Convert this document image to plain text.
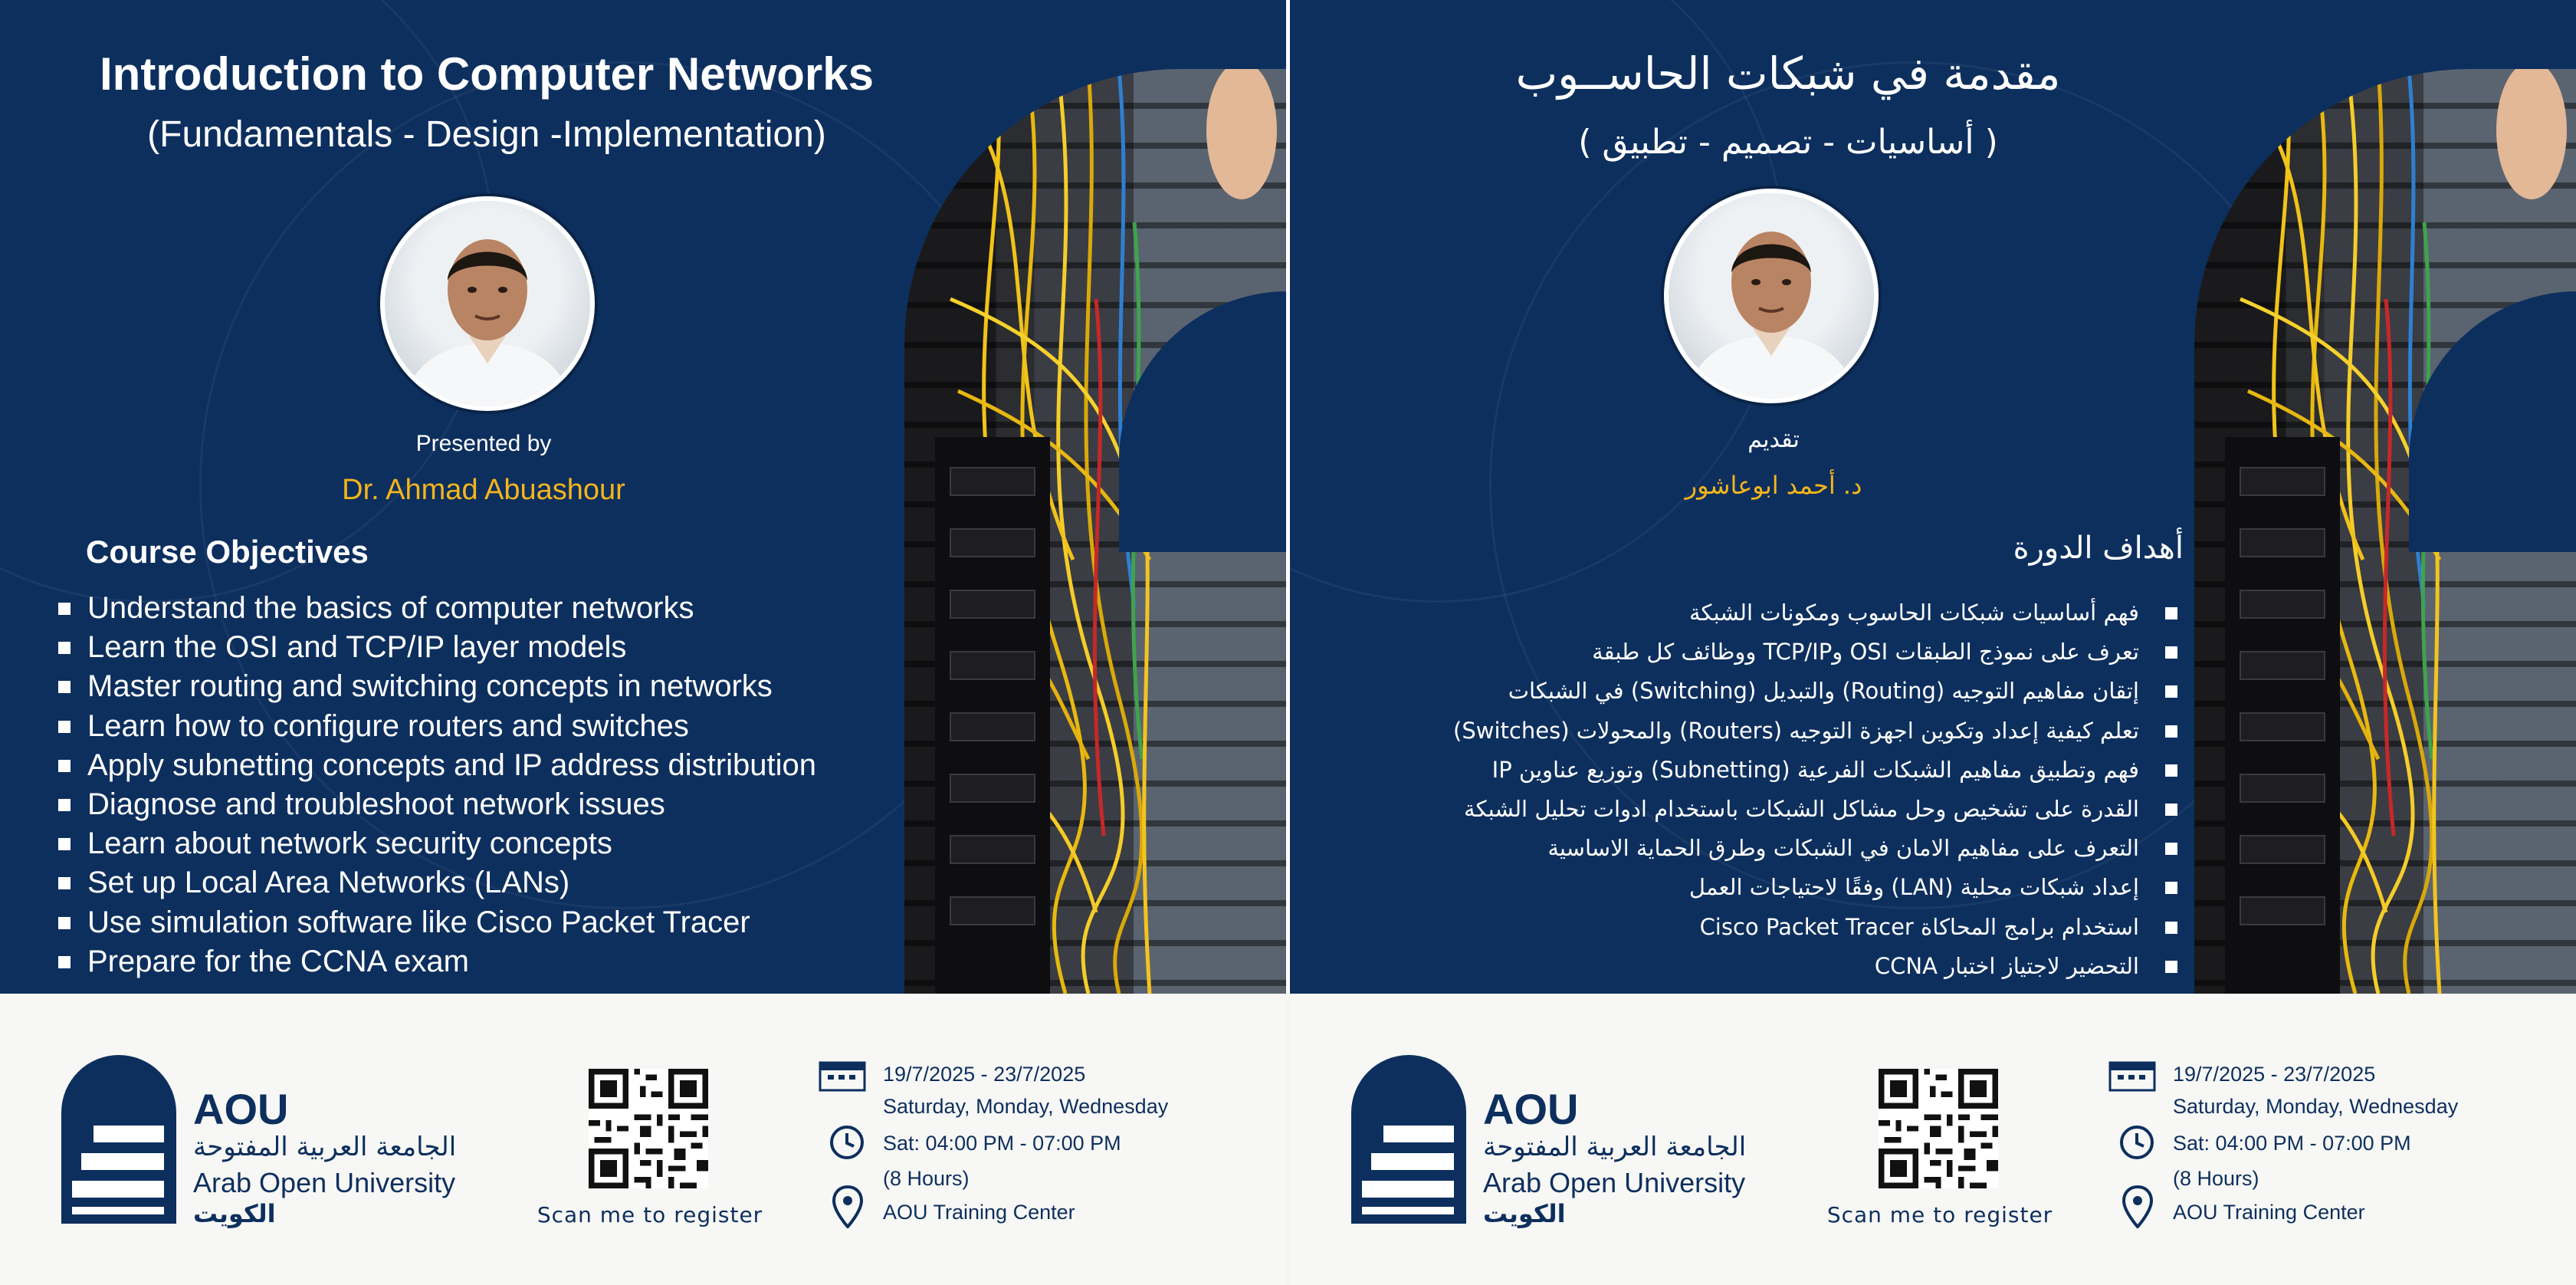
Introduction to Computer Networks
(Fundamentals - Design -Implementation)
Presented by
Dr. Ahmad Abuashour
Course Objectives
Understand the basics of computer networks
Learn the OSI and TCP/IP layer models
Master routing and switching concepts in networks
Learn how to configure routers and switches
Apply subnetting concepts and IP address distribution
Diagnose and troubleshoot network issues
Learn about network security concepts
Set up Local Area Networks (LANs)
Use simulation software like Cisco Packet Tracer
Prepare for the CCNA exam
AOU
الجامعة العربية المفتوحة
Arab Open University
الكويت	Scan me to register
19/7/2025 - 23/7/2025
Saturday, Monday, Wednesday
Sat: 04:00 PM - 07:00 PM
(8 Hours)
AOU Training Center
مقدمة في شبكات الحاســوب
( أساسيات - تصميم - تطبيق )
تقديم
د. أحمد ابوعاشور
أهداف الدورة
فهم أساسيات شبكات الحاسوب ومكونات الشبكة
تعرف على نموذج الطبقات OSI وTCP/IP ووظائف كل طبقة
إتقان مفاهيم التوجيه (Routing) والتبديل (Switching) في الشبكات
تعلم كيفية إعداد وتكوين اجهزة التوجيه (Routers) والمحولات (Switches)
فهم وتطبيق مفاهيم الشبكات الفرعية (Subnetting) وتوزيع عناوين IP
القدرة على تشخيص وحل مشاكل الشبكات باستخدام ادوات تحليل الشبكة
التعرف على مفاهيم الامان في الشبكات وطرق الحماية الاساسية
إعداد شبكات محلية (LAN) وفقًا لاحتياجات العمل
استخدام برامج المحاكاة Cisco Packet Tracer
التحضير لاجتياز اختبار CCNA
AOU
الجامعة العربية المفتوحة
Arab Open University
الكويت	Scan me to register
19/7/2025 - 23/7/2025
Saturday, Monday, Wednesday
Sat: 04:00 PM - 07:00 PM
(8 Hours)
AOU Training Center
